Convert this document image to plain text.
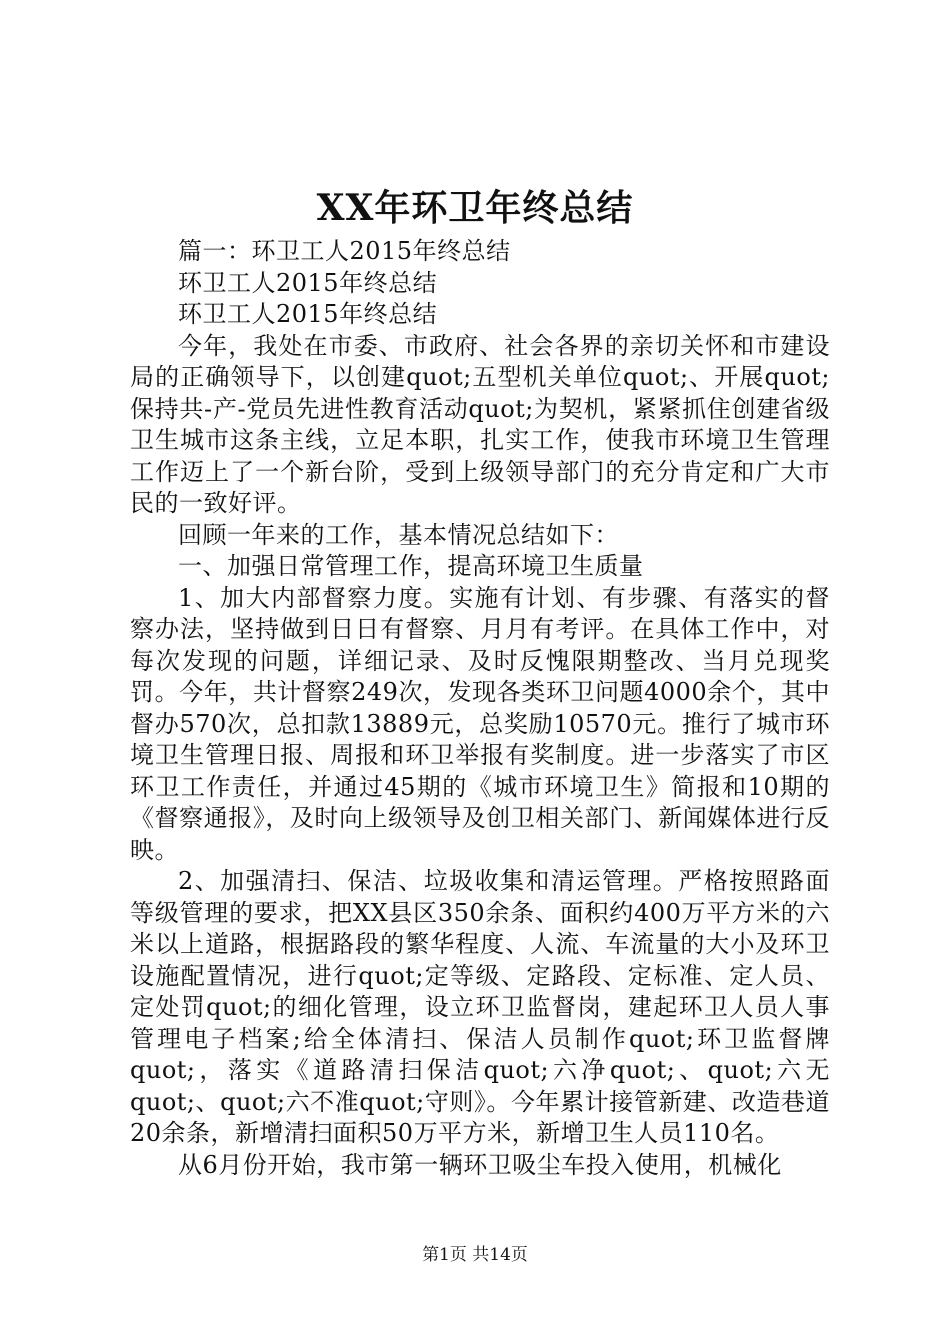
XX年环卫年终总结

篇一：环卫工人2015年终总结

环卫工人2015年终总结

环卫工人2015年终总结

今年，我处在市委、市政府、社会各界的亲切关怀和市建设局的正确领导下，以创建quot;五型机关单位quot;、开展quot;保持共-产-党员先进性教育活动quot;为契机，紧紧抓住创建省级卫生城市这条主线，立足本职，扎实工作，使我市环境卫生管理工作迈上了一个新台阶，受到上级领导部门的充分肯定和广大市民的一致好评。

回顾一年来的工作，基本情况总结如下：

一、加强日常管理工作，提高环境卫生质量

1、加大内部督察力度。实施有计划、有步骤、有落实的督察办法，坚持做到日日有督察、月月有考评。在具体工作中，对每次发现的问题，详细记录、及时反愧限期整改、当月兑现奖罚。今年，共计督察249次，发现各类环卫问题4000余个，其中督办570次，总扣款13889元，总奖励10570元。推行了城市环境卫生管理日报、周报和环卫举报有奖制度。进一步落实了市区环卫工作责任，并通过45期的《城市环境卫生》简报和10期的《督察通报》，及时向上级领导及创卫相关部门、新闻媒体进行反映。

2、加强清扫、保洁、垃圾收集和清运管理。严格按照路面等级管理的要求，把XX县区350余条、面积约400万平方米的六米以上道路，根据路段的繁华程度、人流、车流量的大小及环卫设施配置情况，进行quot;定等级、定路段、定标准、定人员、定处罚quot;的细化管理，设立环卫监督岗，建起环卫人员人事管理电子档案;给全体清扫、保洁人员制作quot;环卫监督牌quot;，落实《道路清扫保洁quot;六净quot;、quot;六无quot;、quot;六不准quot;守则》。今年累计接管新建、改造巷道20余条，新增清扫面积50万平方米，新增卫生人员110名。

从6月份开始，我市第一辆环卫吸尘车投入使用，机械化

第1页 共14页
